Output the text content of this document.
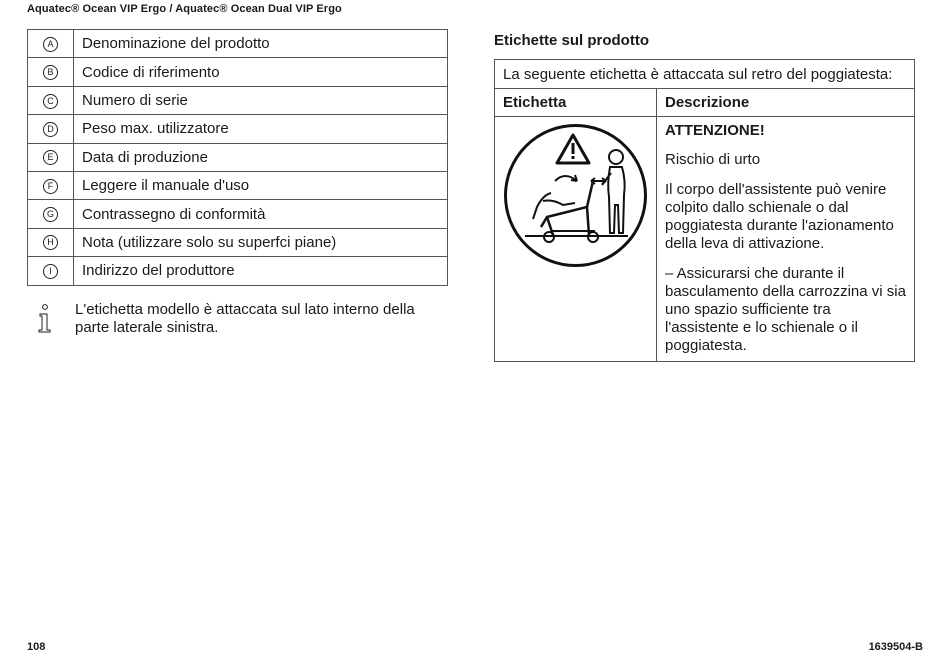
Aquatec® Ocean VIP Ergo / Aquatec® Ocean Dual VIP Ergo
A	Denominazione del prodotto
B	Codice di riferimento
C	Numero di serie
D	Peso max. utilizzatore
E	Data di produzione
F	Leggere il manuale d'uso
G	Contrassegno di conformità
H	Nota (utilizzare solo su superfci piane)
I	Indirizzo del produttore
L'etichetta modello è attaccata sul lato interno della parte laterale sinistra.
Etichette sul prodotto
La seguente etichetta è attaccata sul retro del poggiatesta:	
Etichetta	Descrizione

ATTENZIONE!
Rischio di urto
Il corpo dell'assistente può venire colpito dallo schienale o dal poggiatesta durante l'azionamento della leva di attivazione.
– Assicurarsi che durante il basculamento della carrozzina vi sia uno spazio sufficiente tra l'assistente e lo schienale o il poggiatesta.
108	1639504-B
